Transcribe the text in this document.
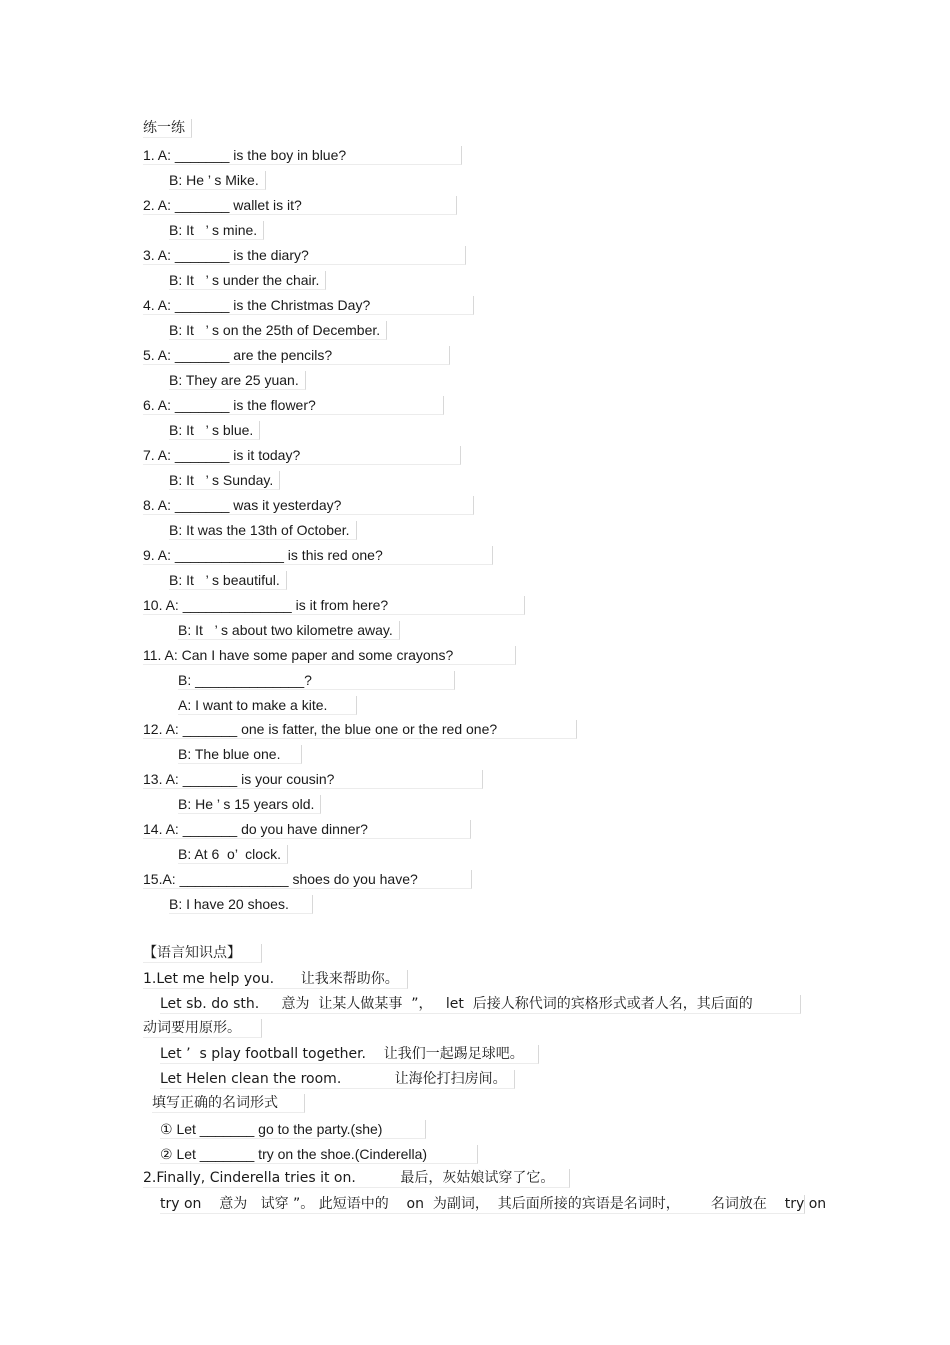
练一练
1. A: _______ is the boy in blue?
B: He ’ s Mike.
2. A: _______ wallet is it?
B: It   ’ s mine.
3. A: _______ is the diary?
B: It   ’ s under the chair.
4. A: _______ is the Christmas Day?
B: It   ’ s on the 25th of December.
5. A: _______ are the pencils?
B: They are 25 yuan.
6. A: _______ is the flower?
B: It   ’ s blue.
7. A: _______ is it today?
B: It   ’ s Sunday.
8. A: _______ was it yesterday?
B: It was the 13th of October.
9. A: ______________ is this red one?
B: It   ’ s beautiful.
10. A: ______________ is it from here?
B: It   ’ s about two kilometre away.
11. A: Can I have some paper and some crayons?
B: ______________?
A: I want to make a kite.
12. A: _______ one is fatter, the blue one or the red one?
B: The blue one.
13. A: _______ is your cousin?
B: He ’ s 15 years old.
14. A: _______ do you have dinner?
B: At 6  o’  clock.
15.A: ______________ shoes do you have?
B: I have 20 shoes.
【语言知识点】
1.Let me help you.      让我来帮助你。
Let sb. do sth.     意为  让某人做某事  ”，   let  后接人称代词的宾格形式或者人名，其后面的
动词要用原形。
Let ’  s play football together.    让我们一起踢足球吧。
Let Helen clean the room.            让海伦打扫房间。
填写正确的名词形式
① Let _______ go to the party.(she)
② Let _______ try on the shoe.(Cinderella)
2.Finally, Cinderella tries it on.          最后，灰姑娘试穿了它。
try on    意为   试穿 ”。 此短语中的    on  为副词，  其后面所接的宾语是名词时，       名词放在    try on
